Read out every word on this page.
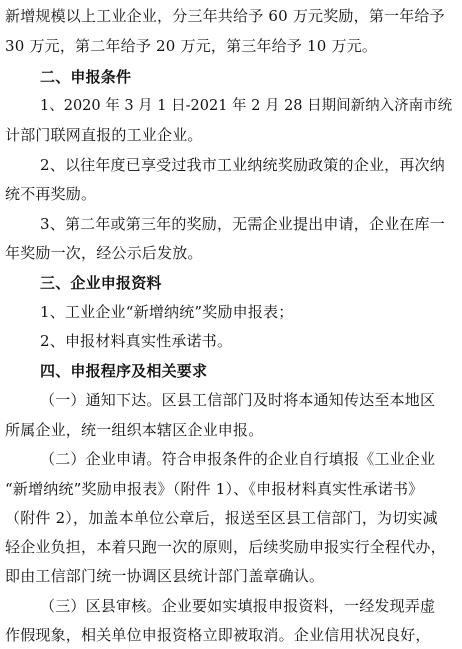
新增规模以上工业企业，分三年共给予 60 万元奖励，第一年给予
30 万元，第二年给予 20 万元，第三年给予 10 万元。
二、申报条件
1、2020 年 3 月 1 日-2021 年 2 月 28 日期间新纳入济南市统
计部门联网直报的工业企业。
2、以往年度已享受过我市工业纳统奖励政策的企业，再次纳
统不再奖励。
3、第二年或第三年的奖励，无需企业提出申请，企业在库一
年奖励一次，经公示后发放。
三、企业申报资料
1、工业企业“新增纳统”奖励申报表；
2、申报材料真实性承诺书。
四、申报程序及相关要求
（一）通知下达。区县工信部门及时将本通知传达至本地区
所属企业，统一组织本辖区企业申报。
（二）企业申请。符合申报条件的企业自行填报《工业企业
“新增纳统”奖励申报表》（附件 1）、《申报材料真实性承诺书》
（附件 2），加盖本单位公章后，报送至区县工信部门，为切实减
轻企业负担，本着只跑一次的原则，后续奖励申报实行全程代办，
即由工信部门统一协调区县统计部门盖章确认。
（三）区县审核。企业要如实填报申报资料，一经发现弄虚
作假现象，相关单位申报资格立即被取消。企业信用状况良好，
